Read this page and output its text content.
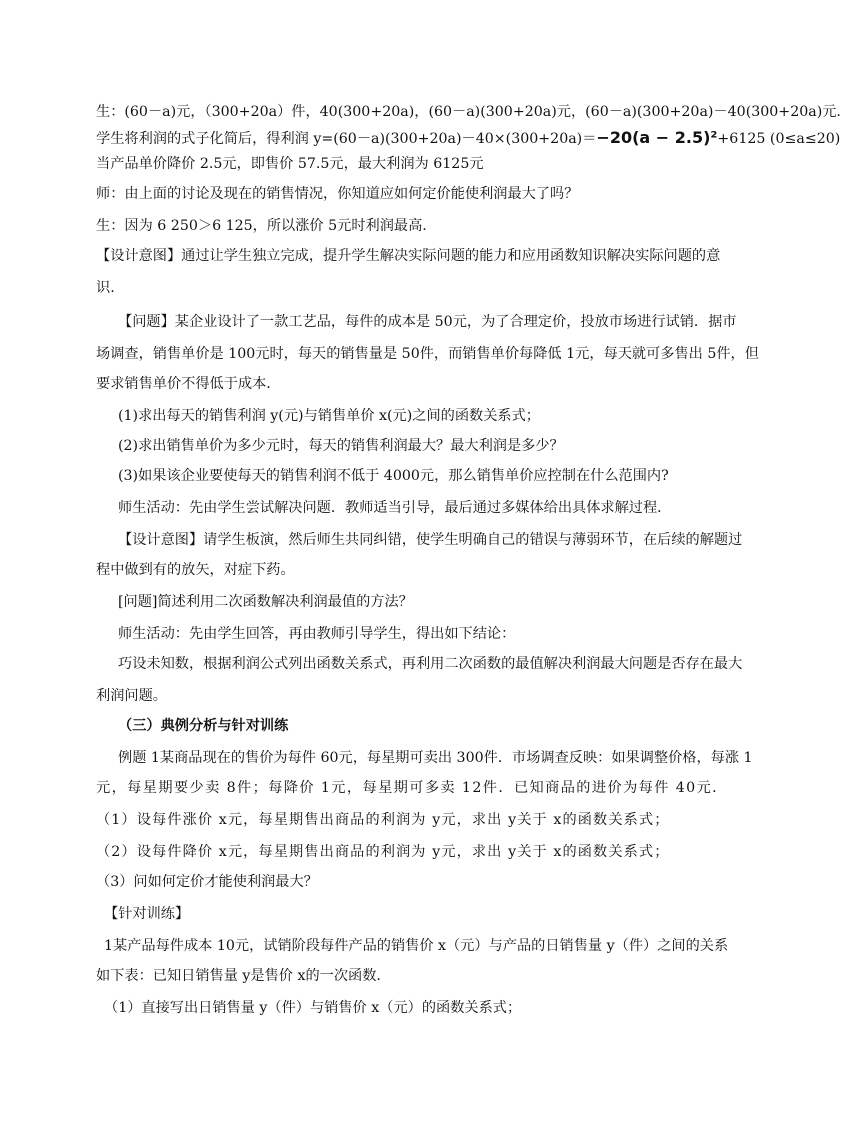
生：(60－a)元，（300+20a）件，40(300+20a)，(60－a)(300+20a)元，(60－a)(300+20a)－40(300+20a)元.
学生将利润的式子化简后，得利润 y=(60－a)(300+20a)－40×(300+20a)＝−20(a − 2.5)²+6125 (0≤a≤20)
当产品单价降价 2.5元，即售价 57.5元，最大利润为 6125元
师：由上面的讨论及现在的销售情况，你知道应如何定价能使利润最大了吗？
生：因为 6 250＞6 125，所以涨价 5元时利润最高.
【设计意图】通过让学生独立完成，提升学生解决实际问题的能力和应用函数知识解决实际问题的意
识.
【问题】某企业设计了一款工艺品，每件的成本是 50元，为了合理定价，投放市场进行试销．据市
场调查，销售单价是 100元时，每天的销售量是 50件，而销售单价每降低 1元，每天就可多售出 5件，但
要求销售单价不得低于成本．
(1)求出每天的销售利润 y(元)与销售单价 x(元)之间的函数关系式；
(2)求出销售单价为多少元时，每天的销售利润最大？最大利润是多少？
(3)如果该企业要使每天的销售利润不低于 4000元，那么销售单价应控制在什么范围内?
师生活动：先由学生尝试解决问题．教师适当引导，最后通过多媒体给出具体求解过程．
【设计意图】请学生板演，然后师生共同纠错，使学生明确自己的错误与薄弱环节，在后续的解题过
程中做到有的放矢，对症下药。
[问题]简述利用二次函数解决利润最值的方法？
师生活动：先由学生回答，再由教师引导学生，得出如下结论：
巧设未知数，根据利润公式列出函数关系式，再利用二次函数的最值解决利润最大问题是否存在最大
利润问题。
（三）典例分析与针对训练
例题 1某商品现在的售价为每件 60元，每星期可卖出 300件．市场调查反映：如果调整价格，每涨 1
元，每星期要少卖 8件；每降价 1元，每星期可多卖 12件．已知商品的进价为每件 40元．
（1）设每件涨价 x元，每星期售出商品的利润为 y元，求出 y关于 x的函数关系式；
（2）设每件降价 x元，每星期售出商品的利润为 y元，求出 y关于 x的函数关系式；
（3）问如何定价才能使利润最大？
【针对训练】
1某产品每件成本 10元，试销阶段每件产品的销售价 x（元）与产品的日销售量 y（件）之间的关系
如下表：已知日销售量 y是售价 x的一次函数.
（1）直接写出日销售量 y（件）与销售价 x（元）的函数关系式；
